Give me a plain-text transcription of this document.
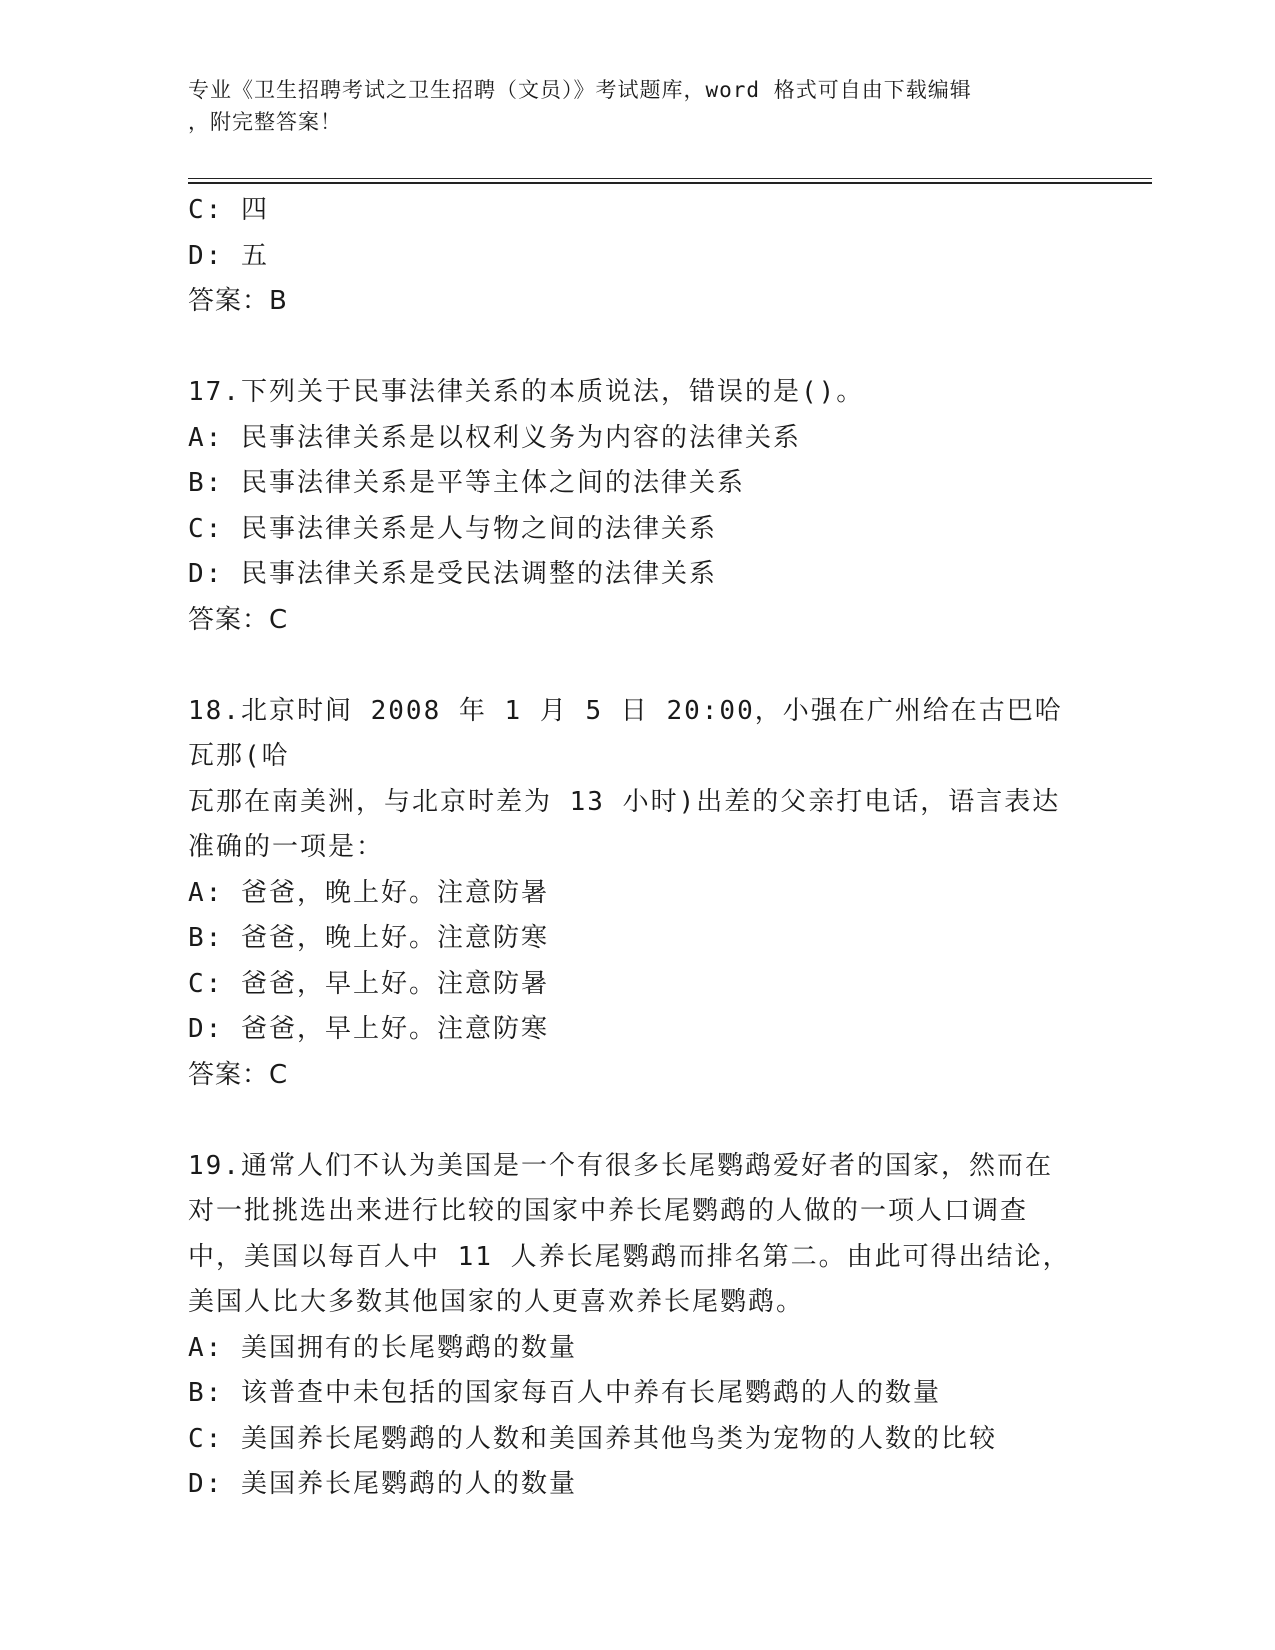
专业《卫生招聘考试之卫生招聘（文员）》考试题库，word 格式可自由下载编辑
，附完整答案！
C: 四
D: 五
答案：B
17.下列关于民事法律关系的本质说法，错误的是()。
A: 民事法律关系是以权利义务为内容的法律关系
B: 民事法律关系是平等主体之间的法律关系
C: 民事法律关系是人与物之间的法律关系
D: 民事法律关系是受民法调整的法律关系
答案：C
18.北京时间 2008 年 1 月 5 日 20:00，小强在广州给在古巴哈瓦那(哈
瓦那在南美洲，与北京时差为 13 小时)出差的父亲打电话，语言表达
准确的一项是：
A: 爸爸，晚上好。注意防暑
B: 爸爸，晚上好。注意防寒
C: 爸爸，早上好。注意防暑
D: 爸爸，早上好。注意防寒
答案：C
19.通常人们不认为美国是一个有很多长尾鹦鹉爱好者的国家，然而在
对一批挑选出来进行比较的国家中养长尾鹦鹉的人做的一项人口调查
中，美国以每百人中 11 人养长尾鹦鹉而排名第二。由此可得出结论，
美国人比大多数其他国家的人更喜欢养长尾鹦鹉。
A: 美国拥有的长尾鹦鹉的数量
B: 该普查中未包括的国家每百人中养有长尾鹦鹉的人的数量
C: 美国养长尾鹦鹉的人数和美国养其他鸟类为宠物的人数的比较
D: 美国养长尾鹦鹉的人的数量
